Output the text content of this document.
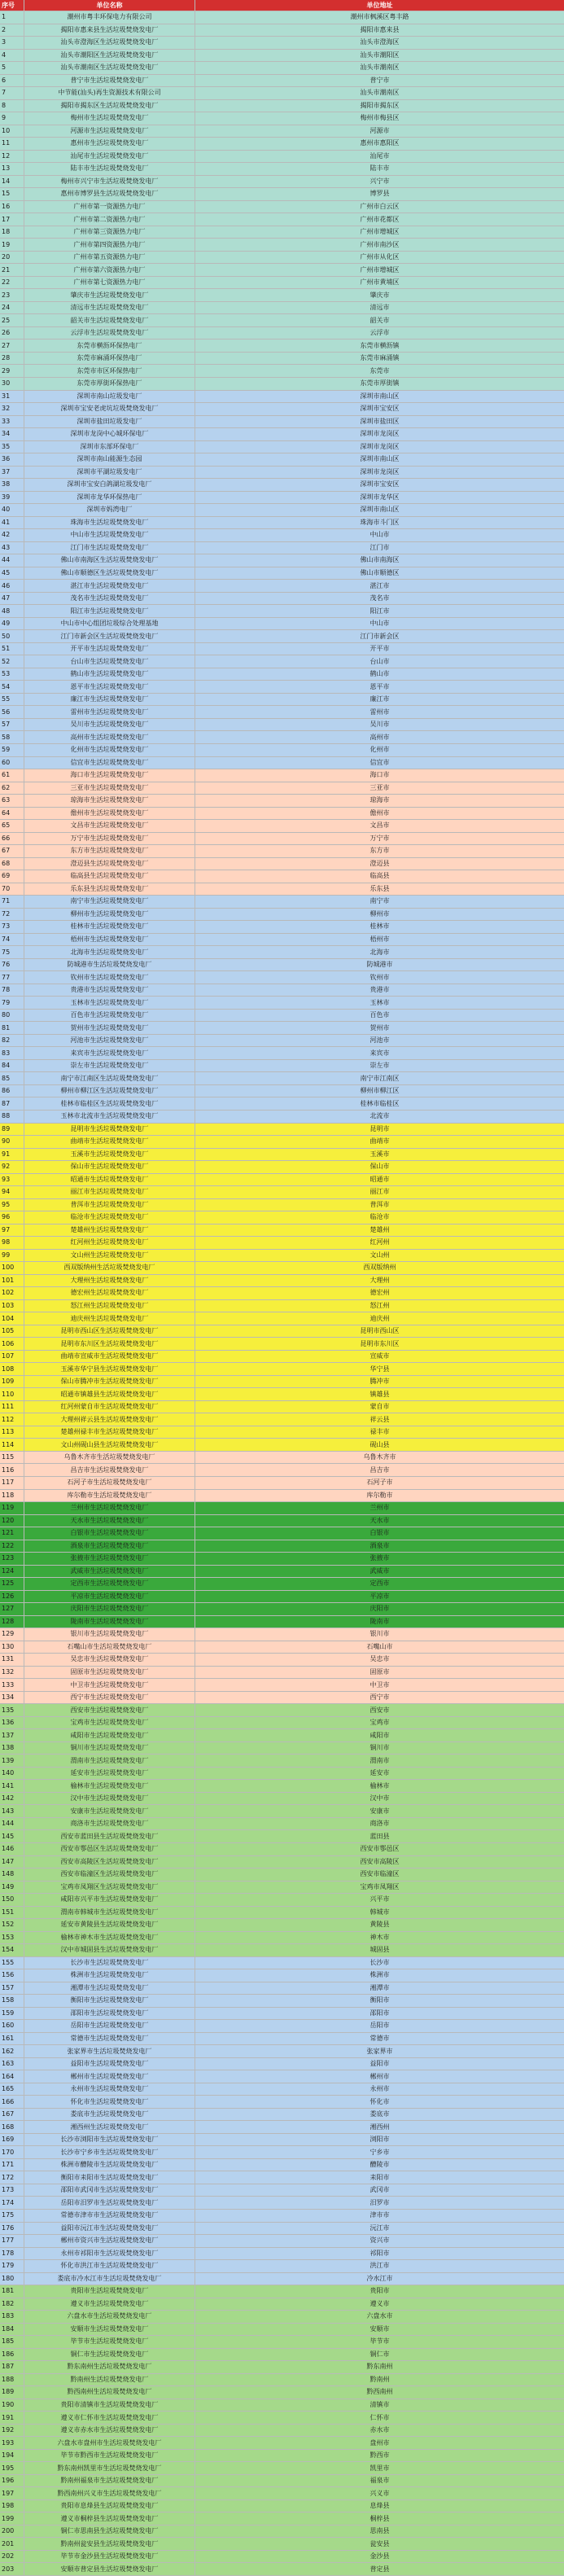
序号	单位名称	单位地址
1	潮州市粤丰环保电力有限公司	潮州市枫溪区粤丰路
2	揭阳市惠来县生活垃圾焚烧发电厂	揭阳市惠来县
3	汕头市澄海区生活垃圾焚烧发电厂	汕头市澄海区
4	汕头市潮阳区生活垃圾焚烧发电厂	汕头市潮阳区
5	汕头市潮南区生活垃圾焚烧发电厂	汕头市潮南区
6	普宁市生活垃圾焚烧发电厂	普宁市
7	中节能(汕头)再生资源技术有限公司	汕头市潮南区
8	揭阳市揭东区生活垃圾焚烧发电厂	揭阳市揭东区
9	梅州市生活垃圾焚烧发电厂	梅州市梅县区
10	河源市生活垃圾焚烧发电厂	河源市
11	惠州市生活垃圾焚烧发电厂	惠州市惠阳区
12	汕尾市生活垃圾焚烧发电厂	汕尾市
13	陆丰市生活垃圾焚烧发电厂	陆丰市
14	梅州市兴宁市生活垃圾焚烧发电厂	兴宁市
15	惠州市博罗县生活垃圾焚烧发电厂	博罗县
16	广州市第一资源热力电厂	广州市白云区
17	广州市第二资源热力电厂	广州市花都区
18	广州市第三资源热力电厂	广州市增城区
19	广州市第四资源热力电厂	广州市南沙区
20	广州市第五资源热力电厂	广州市从化区
21	广州市第六资源热力电厂	广州市增城区
22	广州市第七资源热力电厂	广州市黄埔区
23	肇庆市生活垃圾焚烧发电厂	肇庆市
24	清远市生活垃圾焚烧发电厂	清远市
25	韶关市生活垃圾焚烧发电厂	韶关市
26	云浮市生活垃圾焚烧发电厂	云浮市
27	东莞市横沥环保热电厂	东莞市横沥镇
28	东莞市麻涌环保热电厂	东莞市麻涌镇
29	东莞市市区环保热电厂	东莞市
30	东莞市厚街环保热电厂	东莞市厚街镇
31	深圳市南山垃圾发电厂	深圳市南山区
32	深圳市宝安老虎坑垃圾焚烧发电厂	深圳市宝安区
33	深圳市盐田垃圾发电厂	深圳市盐田区
34	深圳市龙岗中心城环保电厂	深圳市龙岗区
35	深圳市东部环保电厂	深圳市龙岗区
36	深圳市南山能源生态园	深圳市南山区
37	深圳市平湖垃圾发电厂	深圳市龙岗区
38	深圳市宝安白鸽湖垃圾发电厂	深圳市宝安区
39	深圳市龙华环保热电厂	深圳市龙华区
40	深圳市妈湾电厂	深圳市南山区
41	珠海市生活垃圾焚烧发电厂	珠海市斗门区
42	中山市生活垃圾焚烧发电厂	中山市
43	江门市生活垃圾焚烧发电厂	江门市
44	佛山市南海区生活垃圾焚烧发电厂	佛山市南海区
45	佛山市顺德区生活垃圾焚烧发电厂	佛山市顺德区
46	湛江市生活垃圾焚烧发电厂	湛江市
47	茂名市生活垃圾焚烧发电厂	茂名市
48	阳江市生活垃圾焚烧发电厂	阳江市
49	中山市中心组团垃圾综合处理基地	中山市
50	江门市新会区生活垃圾焚烧发电厂	江门市新会区
51	开平市生活垃圾焚烧发电厂	开平市
52	台山市生活垃圾焚烧发电厂	台山市
53	鹤山市生活垃圾焚烧发电厂	鹤山市
54	恩平市生活垃圾焚烧发电厂	恩平市
55	廉江市生活垃圾焚烧发电厂	廉江市
56	雷州市生活垃圾焚烧发电厂	雷州市
57	吴川市生活垃圾焚烧发电厂	吴川市
58	高州市生活垃圾焚烧发电厂	高州市
59	化州市生活垃圾焚烧发电厂	化州市
60	信宜市生活垃圾焚烧发电厂	信宜市
61	海口市生活垃圾焚烧发电厂	海口市
62	三亚市生活垃圾焚烧发电厂	三亚市
63	琼海市生活垃圾焚烧发电厂	琼海市
64	儋州市生活垃圾焚烧发电厂	儋州市
65	文昌市生活垃圾焚烧发电厂	文昌市
66	万宁市生活垃圾焚烧发电厂	万宁市
67	东方市生活垃圾焚烧发电厂	东方市
68	澄迈县生活垃圾焚烧发电厂	澄迈县
69	临高县生活垃圾焚烧发电厂	临高县
70	乐东县生活垃圾焚烧发电厂	乐东县
71	南宁市生活垃圾焚烧发电厂	南宁市
72	柳州市生活垃圾焚烧发电厂	柳州市
73	桂林市生活垃圾焚烧发电厂	桂林市
74	梧州市生活垃圾焚烧发电厂	梧州市
75	北海市生活垃圾焚烧发电厂	北海市
76	防城港市生活垃圾焚烧发电厂	防城港市
77	钦州市生活垃圾焚烧发电厂	钦州市
78	贵港市生活垃圾焚烧发电厂	贵港市
79	玉林市生活垃圾焚烧发电厂	玉林市
80	百色市生活垃圾焚烧发电厂	百色市
81	贺州市生活垃圾焚烧发电厂	贺州市
82	河池市生活垃圾焚烧发电厂	河池市
83	来宾市生活垃圾焚烧发电厂	来宾市
84	崇左市生活垃圾焚烧发电厂	崇左市
85	南宁市江南区生活垃圾焚烧发电厂	南宁市江南区
86	柳州市柳江区生活垃圾焚烧发电厂	柳州市柳江区
87	桂林市临桂区生活垃圾焚烧发电厂	桂林市临桂区
88	玉林市北流市生活垃圾焚烧发电厂	北流市
89	昆明市生活垃圾焚烧发电厂	昆明市
90	曲靖市生活垃圾焚烧发电厂	曲靖市
91	玉溪市生活垃圾焚烧发电厂	玉溪市
92	保山市生活垃圾焚烧发电厂	保山市
93	昭通市生活垃圾焚烧发电厂	昭通市
94	丽江市生活垃圾焚烧发电厂	丽江市
95	普洱市生活垃圾焚烧发电厂	普洱市
96	临沧市生活垃圾焚烧发电厂	临沧市
97	楚雄州生活垃圾焚烧发电厂	楚雄州
98	红河州生活垃圾焚烧发电厂	红河州
99	文山州生活垃圾焚烧发电厂	文山州
100	西双版纳州生活垃圾焚烧发电厂	西双版纳州
101	大理州生活垃圾焚烧发电厂	大理州
102	德宏州生活垃圾焚烧发电厂	德宏州
103	怒江州生活垃圾焚烧发电厂	怒江州
104	迪庆州生活垃圾焚烧发电厂	迪庆州
105	昆明市西山区生活垃圾焚烧发电厂	昆明市西山区
106	昆明市东川区生活垃圾焚烧发电厂	昆明市东川区
107	曲靖市宣威市生活垃圾焚烧发电厂	宣威市
108	玉溪市华宁县生活垃圾焚烧发电厂	华宁县
109	保山市腾冲市生活垃圾焚烧发电厂	腾冲市
110	昭通市镇雄县生活垃圾焚烧发电厂	镇雄县
111	红河州蒙自市生活垃圾焚烧发电厂	蒙自市
112	大理州祥云县生活垃圾焚烧发电厂	祥云县
113	楚雄州禄丰市生活垃圾焚烧发电厂	禄丰市
114	文山州砚山县生活垃圾焚烧发电厂	砚山县
115	乌鲁木齐市生活垃圾焚烧发电厂	乌鲁木齐市
116	昌吉市生活垃圾焚烧发电厂	昌吉市
117	石河子市生活垃圾焚烧发电厂	石河子市
118	库尔勒市生活垃圾焚烧发电厂	库尔勒市
119	兰州市生活垃圾焚烧发电厂	兰州市
120	天水市生活垃圾焚烧发电厂	天水市
121	白银市生活垃圾焚烧发电厂	白银市
122	酒泉市生活垃圾焚烧发电厂	酒泉市
123	张掖市生活垃圾焚烧发电厂	张掖市
124	武威市生活垃圾焚烧发电厂	武威市
125	定西市生活垃圾焚烧发电厂	定西市
126	平凉市生活垃圾焚烧发电厂	平凉市
127	庆阳市生活垃圾焚烧发电厂	庆阳市
128	陇南市生活垃圾焚烧发电厂	陇南市
129	银川市生活垃圾焚烧发电厂	银川市
130	石嘴山市生活垃圾焚烧发电厂	石嘴山市
131	吴忠市生活垃圾焚烧发电厂	吴忠市
132	固原市生活垃圾焚烧发电厂	固原市
133	中卫市生活垃圾焚烧发电厂	中卫市
134	西宁市生活垃圾焚烧发电厂	西宁市
135	西安市生活垃圾焚烧发电厂	西安市
136	宝鸡市生活垃圾焚烧发电厂	宝鸡市
137	咸阳市生活垃圾焚烧发电厂	咸阳市
138	铜川市生活垃圾焚烧发电厂	铜川市
139	渭南市生活垃圾焚烧发电厂	渭南市
140	延安市生活垃圾焚烧发电厂	延安市
141	榆林市生活垃圾焚烧发电厂	榆林市
142	汉中市生活垃圾焚烧发电厂	汉中市
143	安康市生活垃圾焚烧发电厂	安康市
144	商洛市生活垃圾焚烧发电厂	商洛市
145	西安市蓝田县生活垃圾焚烧发电厂	蓝田县
146	西安市鄠邑区生活垃圾焚烧发电厂	西安市鄠邑区
147	西安市高陵区生活垃圾焚烧发电厂	西安市高陵区
148	西安市临潼区生活垃圾焚烧发电厂	西安市临潼区
149	宝鸡市凤翔区生活垃圾焚烧发电厂	宝鸡市凤翔区
150	咸阳市兴平市生活垃圾焚烧发电厂	兴平市
151	渭南市韩城市生活垃圾焚烧发电厂	韩城市
152	延安市黄陵县生活垃圾焚烧发电厂	黄陵县
153	榆林市神木市生活垃圾焚烧发电厂	神木市
154	汉中市城固县生活垃圾焚烧发电厂	城固县
155	长沙市生活垃圾焚烧发电厂	长沙市
156	株洲市生活垃圾焚烧发电厂	株洲市
157	湘潭市生活垃圾焚烧发电厂	湘潭市
158	衡阳市生活垃圾焚烧发电厂	衡阳市
159	邵阳市生活垃圾焚烧发电厂	邵阳市
160	岳阳市生活垃圾焚烧发电厂	岳阳市
161	常德市生活垃圾焚烧发电厂	常德市
162	张家界市生活垃圾焚烧发电厂	张家界市
163	益阳市生活垃圾焚烧发电厂	益阳市
164	郴州市生活垃圾焚烧发电厂	郴州市
165	永州市生活垃圾焚烧发电厂	永州市
166	怀化市生活垃圾焚烧发电厂	怀化市
167	娄底市生活垃圾焚烧发电厂	娄底市
168	湘西州生活垃圾焚烧发电厂	湘西州
169	长沙市浏阳市生活垃圾焚烧发电厂	浏阳市
170	长沙市宁乡市生活垃圾焚烧发电厂	宁乡市
171	株洲市醴陵市生活垃圾焚烧发电厂	醴陵市
172	衡阳市耒阳市生活垃圾焚烧发电厂	耒阳市
173	邵阳市武冈市生活垃圾焚烧发电厂	武冈市
174	岳阳市汨罗市生活垃圾焚烧发电厂	汨罗市
175	常德市津市市生活垃圾焚烧发电厂	津市市
176	益阳市沅江市生活垃圾焚烧发电厂	沅江市
177	郴州市资兴市生活垃圾焚烧发电厂	资兴市
178	永州市祁阳市生活垃圾焚烧发电厂	祁阳市
179	怀化市洪江市生活垃圾焚烧发电厂	洪江市
180	娄底市冷水江市生活垃圾焚烧发电厂	冷水江市
181	贵阳市生活垃圾焚烧发电厂	贵阳市
182	遵义市生活垃圾焚烧发电厂	遵义市
183	六盘水市生活垃圾焚烧发电厂	六盘水市
184	安顺市生活垃圾焚烧发电厂	安顺市
185	毕节市生活垃圾焚烧发电厂	毕节市
186	铜仁市生活垃圾焚烧发电厂	铜仁市
187	黔东南州生活垃圾焚烧发电厂	黔东南州
188	黔南州生活垃圾焚烧发电厂	黔南州
189	黔西南州生活垃圾焚烧发电厂	黔西南州
190	贵阳市清镇市生活垃圾焚烧发电厂	清镇市
191	遵义市仁怀市生活垃圾焚烧发电厂	仁怀市
192	遵义市赤水市生活垃圾焚烧发电厂	赤水市
193	六盘水市盘州市生活垃圾焚烧发电厂	盘州市
194	毕节市黔西市生活垃圾焚烧发电厂	黔西市
195	黔东南州凯里市生活垃圾焚烧发电厂	凯里市
196	黔南州福泉市生活垃圾焚烧发电厂	福泉市
197	黔西南州兴义市生活垃圾焚烧发电厂	兴义市
198	贵阳市息烽县生活垃圾焚烧发电厂	息烽县
199	遵义市桐梓县生活垃圾焚烧发电厂	桐梓县
200	铜仁市思南县生活垃圾焚烧发电厂	思南县
201	黔南州瓮安县生活垃圾焚烧发电厂	瓮安县
202	毕节市金沙县生活垃圾焚烧发电厂	金沙县
203	安顺市普定县生活垃圾焚烧发电厂	普定县
